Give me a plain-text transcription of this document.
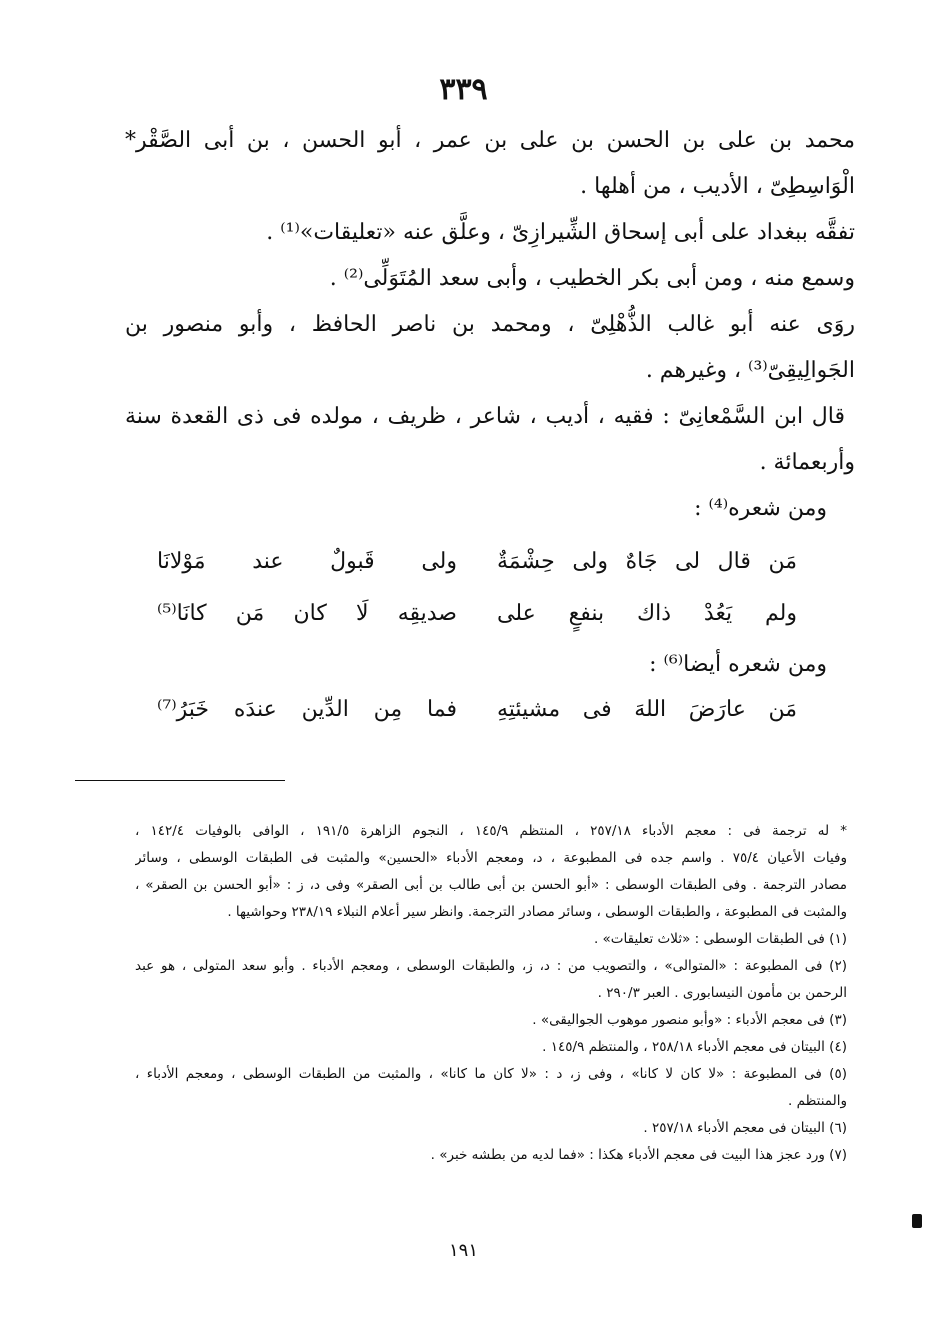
٣٣٩
محمد بن على بن الحسن بن على بن عمر ، أبو الحسن ، بن أبى الصَّقْر*
الْوَاسِطِىّ ، الأديب ، من أهلها .
تفقَّه ببغداد على أبى إسحاق الشِّيرازِىّ ، وعلَّق عنه «تعليقات»⁽¹⁾ .
وسمع منه ، ومن أبى بكر الخطيب ، وأبى سعد المُتَوَلِّى⁽²⁾ .
روَى عنه أبو غالب الذُّهْلِىّ ، ومحمد بن ناصر الحافظ ، وأبو منصور بن
الجَوالِيقِىّ⁽³⁾ ، وغيرهم .
قال ابن السَّمْعانِىّ : فقيه ، أديب ، شاعر ، ظريف ، مولده فى ذى القعدة سنة
وأربعمائة .
ومن شعره⁽⁴⁾ :
مَن قال لى جَاهٌ ولى حِشْمَةٌ
ولى قَبولٌ عند مَوْلانَا
ولم يَعُدْ ذاك بنفعٍ على
صديقِه لَا كان مَن كانَا⁽⁵⁾
ومن شعره أيضا⁽⁶⁾ :
مَن عارَضَ اللهَ فى مشيئتِهِ
فما مِن الدِّين عندَه خَبَرُ⁽⁷⁾
* له ترجمة فى : معجم الأدباء ٢٥٧/١٨ ، المنتظم ١٤٥/٩ ، النجوم الزاهرة ١٩١/٥ ، الوافى بالوفيات ١٤٢/٤ ،
وفيات الأعيان ٧٥/٤ . واسم جده فى المطبوعة ، د، ومعجم الأدباء «الحسين» والمثبت فى الطبقات الوسطى ، وسائر
مصادر الترجمة . وفى الطبقات الوسطى : «أبو الحسن بن أبى طالب بن أبى الصقر» وفى د، ز : «أبو الحسن بن الصقر» ،
والمثبت فى المطبوعة ، والطبقات الوسطى ، وسائر مصادر الترجمة. وانظر سير أعلام النبلاء ٢٣٨/١٩ وحواشيها .
(١) فى الطبقات الوسطى : «ثلاث تعليقات» .
(٢) فى المطبوعة : «المتوالى» ، والتصويب من : د، ز، والطبقات الوسطى ، ومعجم الأدباء . وأبو سعد المتولى ، هو عبد
الرحمن بن مأمون النيسابورى . العبر ٢٩٠/٣ .
(٣) فى معجم الأدباء : «وأبو منصور موهوب الجواليقى» .
(٤) البيتان فى معجم الأدباء ٢٥٨/١٨ ، والمنتظم ١٤٥/٩ .
(٥) فى المطبوعة : «لا كان لا كانا» ، وفى ز، د : «لا كان ما كانا» ، والمثبت من الطبقات الوسطى ، ومعجم الأدباء ،
والمنتظم .
(٦) البيتان فى معجم الأدباء ٢٥٧/١٨ .
(٧) ورد عجز هذا البيت فى معجم الأدباء هكذا : «فما لديه من بطشه خبر» .
١٩١
